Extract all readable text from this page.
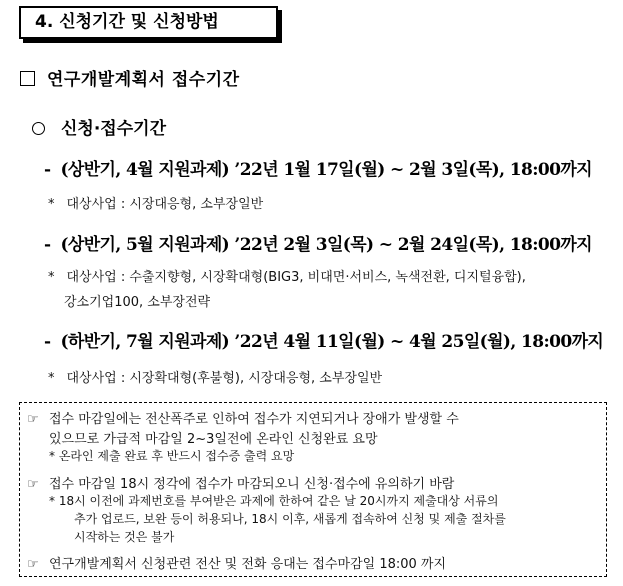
4. 신청기간 및 신청방법
연구개발계획서 접수기간
신청·접수기간
- (상반기, 4월 지원과제) ’22년 1월 17일(월) ~ 2월 3일(목), 18:00까지
* 대상사업 : 시장대응형, 소부장일반
- (상반기, 5월 지원과제) ’22년 2월 3일(목) ~ 2월 24일(목), 18:00까지
* 대상사업 : 수출지향형, 시장확대형(BIG3, 비대면·서비스, 녹색전환, 디지털융합),
강소기업100, 소부장전략
- (하반기, 7월 지원과제) ’22년 4월 11일(월) ~ 4월 25일(월), 18:00까지
* 대상사업 : 시장확대형(후불형), 시장대응형, 소부장일반
☞ 접수 마감일에는 전산폭주로 인하여 접수가 지연되거나 장애가 발생할 수
있으므로 가급적 마감일 2~3일전에 온라인 신청완료 요망
* 온라인 제출 완료 후 반드시 접수증 출력 요망
☞ 접수 마감일 18시 정각에 접수가 마감되오니 신청·접수에 유의하기 바람
* 18시 이전에 과제번호를 부여받은 과제에 한하여 같은 날 20시까지 제출대상 서류의
추가 업로드, 보완 등이 허용되나, 18시 이후, 새롭게 접속하여 신청 및 제출 절차를
시작하는 것은 불가
☞ 연구개발계획서 신청관련 전산 및 전화 응대는 접수마감일 18:00 까지
